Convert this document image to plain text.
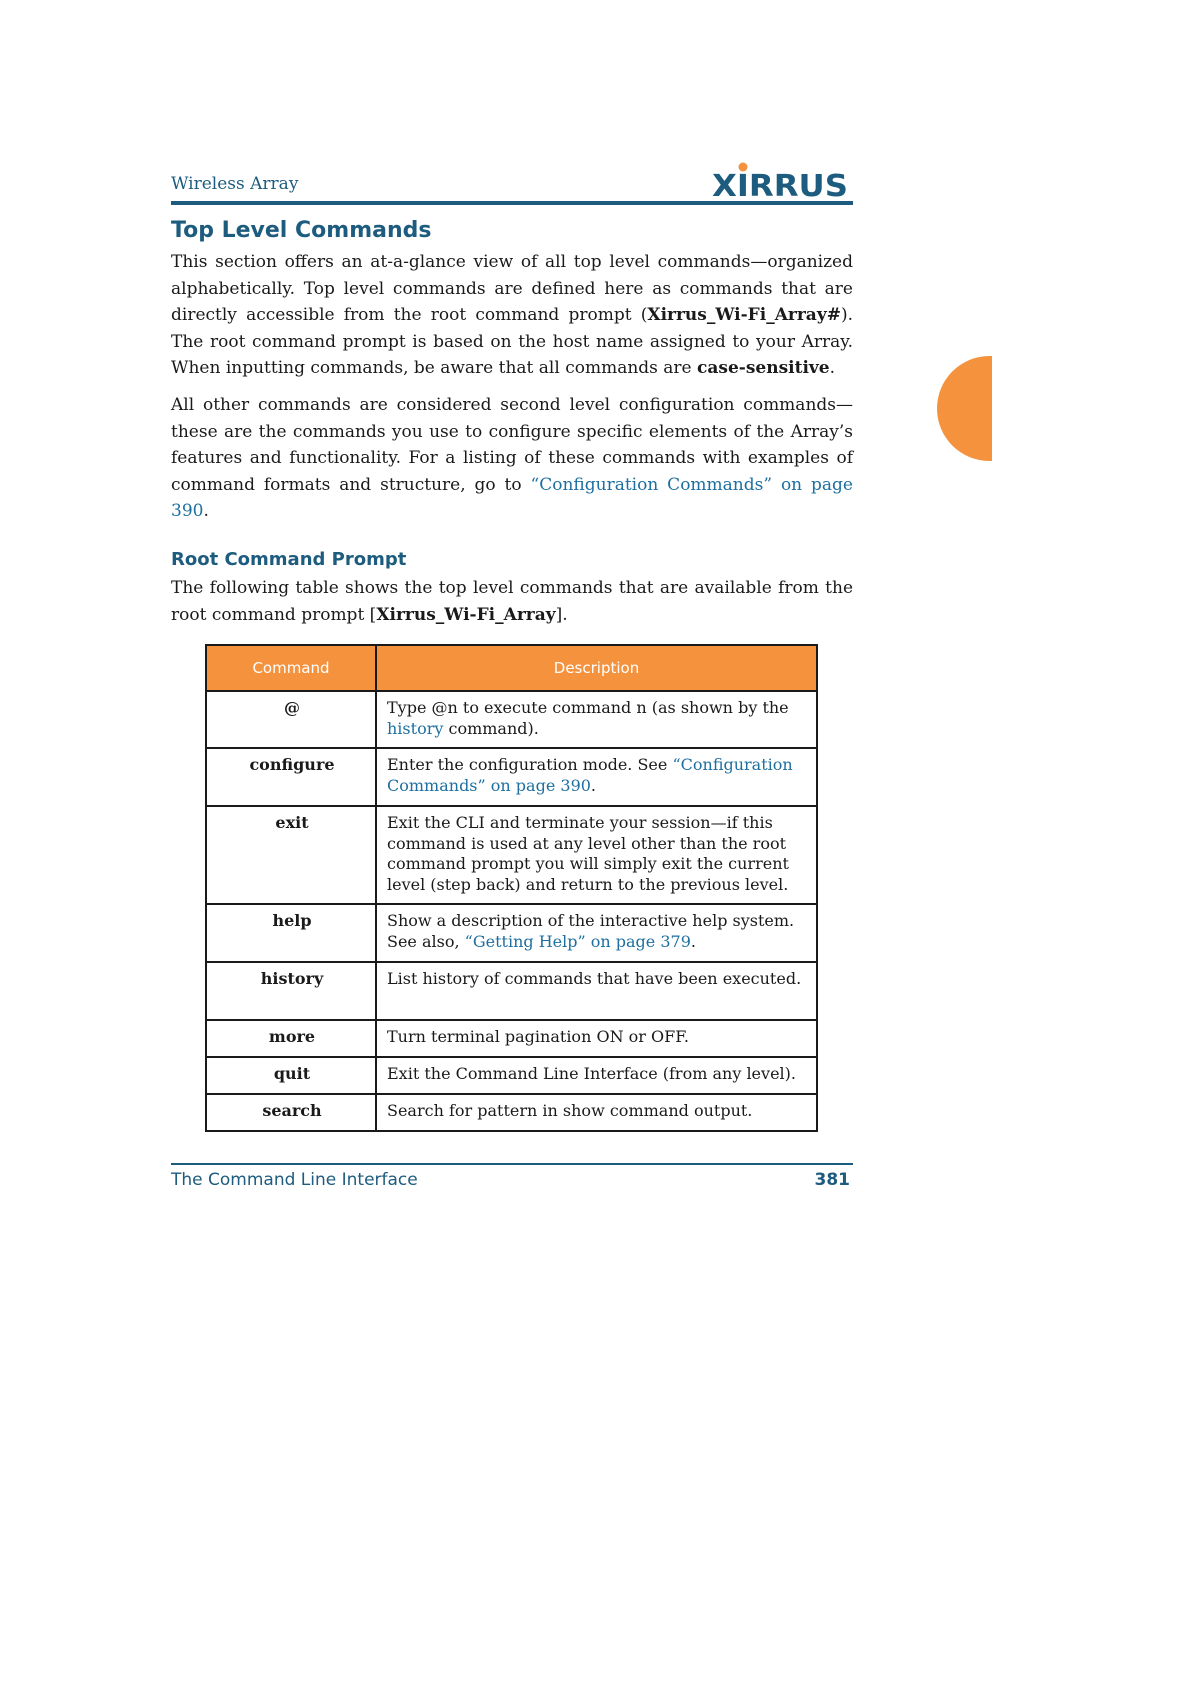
Wireless Array	XIRRUS
Top Level Commands

This section offers an at-a-glance view of all top level commands—organized alphabetically. Top level commands are defined here as commands that are directly accessible from the root command prompt (Xirrus_Wi-Fi_Array#). The root command prompt is based on the host name assigned to your Array. When inputting commands, be aware that all commands are case-sensitive.

All other commands are considered second level configuration commands—these are the commands you use to configure specific elements of the Array’s features and functionality. For a listing of these commands with examples of command formats and structure, go to “Configuration Commands” on page 390.

Root Command Prompt

The following table shows the top level commands that are available from the root command prompt [Xirrus_Wi-Fi_Array].

Command	Description
@	Type @n to execute command n (as shown by the history command).
configure	Enter the configuration mode. See “Configuration Commands” on page 390.
exit	Exit the CLI and terminate your session—if this command is used at any level other than the root command prompt you will simply exit the current level (step back) and return to the previous level.
help	Show a description of the interactive help system. See also, “Getting Help” on page 379.
history	List history of commands that have been executed.
more	Turn terminal pagination ON or OFF.
quit	Exit the Command Line Interface (from any level).
search	Search for pattern in show command output.
The Command Line Interface	381
